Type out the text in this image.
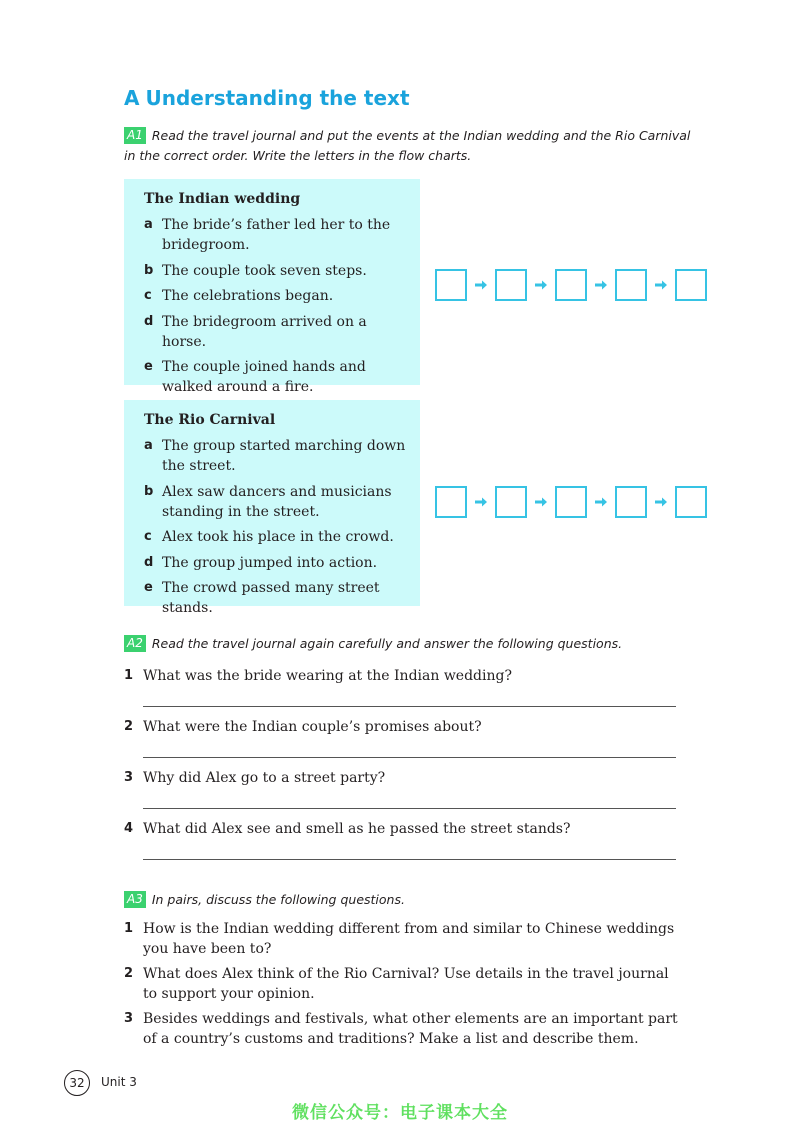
A Understanding the text
A1 Read the travel journal and put the events at the Indian wedding and the Rio Carnival in the correct order. Write the letters in the flow charts.
The Indian wedding
a The bride’s father led her to the bridegroom.
b The couple took seven steps.
c The celebrations began.
d The bridegroom arrived on a horse.
e The couple joined hands and walked around a fire.
The Rio Carnival
a The group started marching down the street.
b Alex saw dancers and musicians standing in the street.
c Alex took his place in the crowd.
d The group jumped into action.
e The crowd passed many street stands.
A2 Read the travel journal again carefully and answer the following questions.
1 What was the bride wearing at the Indian wedding?
2 What were the Indian couple’s promises about?
3 Why did Alex go to a street party?
4 What did Alex see and smell as he passed the street stands?
A3 In pairs, discuss the following questions.
1 How is the Indian wedding different from and similar to Chinese weddings you have been to?
2 What does Alex think of the Rio Carnival? Use details in the travel journal to support your opinion.
3 Besides weddings and festivals, what other elements are an important part of a country’s customs and traditions? Make a list and describe them.
32	Unit 3
微信公众号：电子课本大全
